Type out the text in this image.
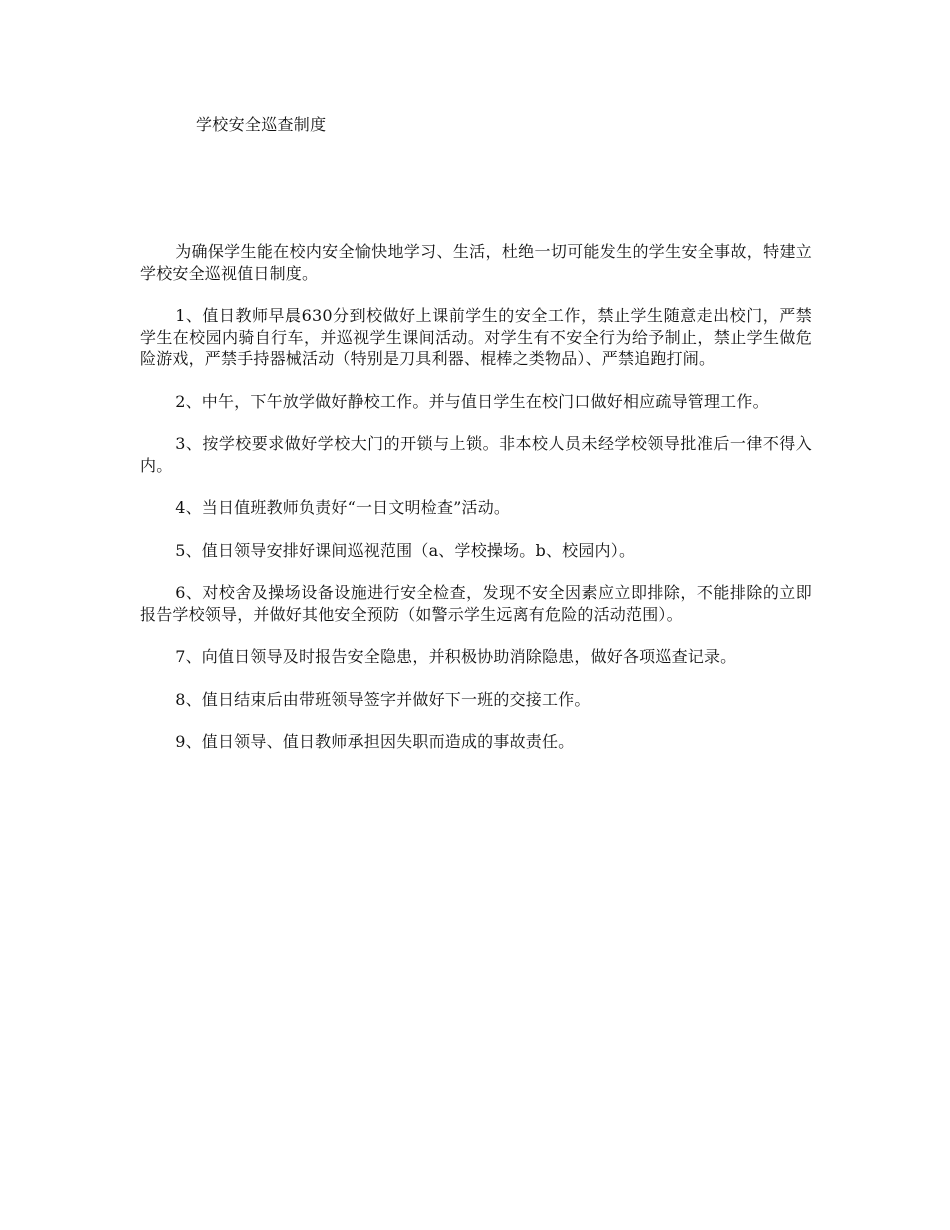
学校安全巡查制度

为确保学生能在校内安全愉快地学习、生活，杜绝一切可能发生的学生安全事故，特建立学校安全巡视值日制度。

1、值日教师早晨630分到校做好上课前学生的安全工作，禁止学生随意走出校门，严禁学生在校园内骑自行车，并巡视学生课间活动。对学生有不安全行为给予制止，禁止学生做危险游戏，严禁手持器械活动（特别是刀具利器、棍棒之类物品）、严禁追跑打闹。

2、中午，下午放学做好静校工作。并与值日学生在校门口做好相应疏导管理工作。

3、按学校要求做好学校大门的开锁与上锁。非本校人员未经学校领导批准后一律不得入内。

4、当日值班教师负责好“一日文明检查”活动。

5、值日领导安排好课间巡视范围（a、学校操场。b、校园内）。

6、对校舍及操场设备设施进行安全检查，发现不安全因素应立即排除，不能排除的立即报告学校领导，并做好其他安全预防（如警示学生远离有危险的活动范围）。

7、向值日领导及时报告安全隐患，并积极协助消除隐患，做好各项巡查记录。

8、值日结束后由带班领导签字并做好下一班的交接工作。

9、值日领导、值日教师承担因失职而造成的事故责任。
